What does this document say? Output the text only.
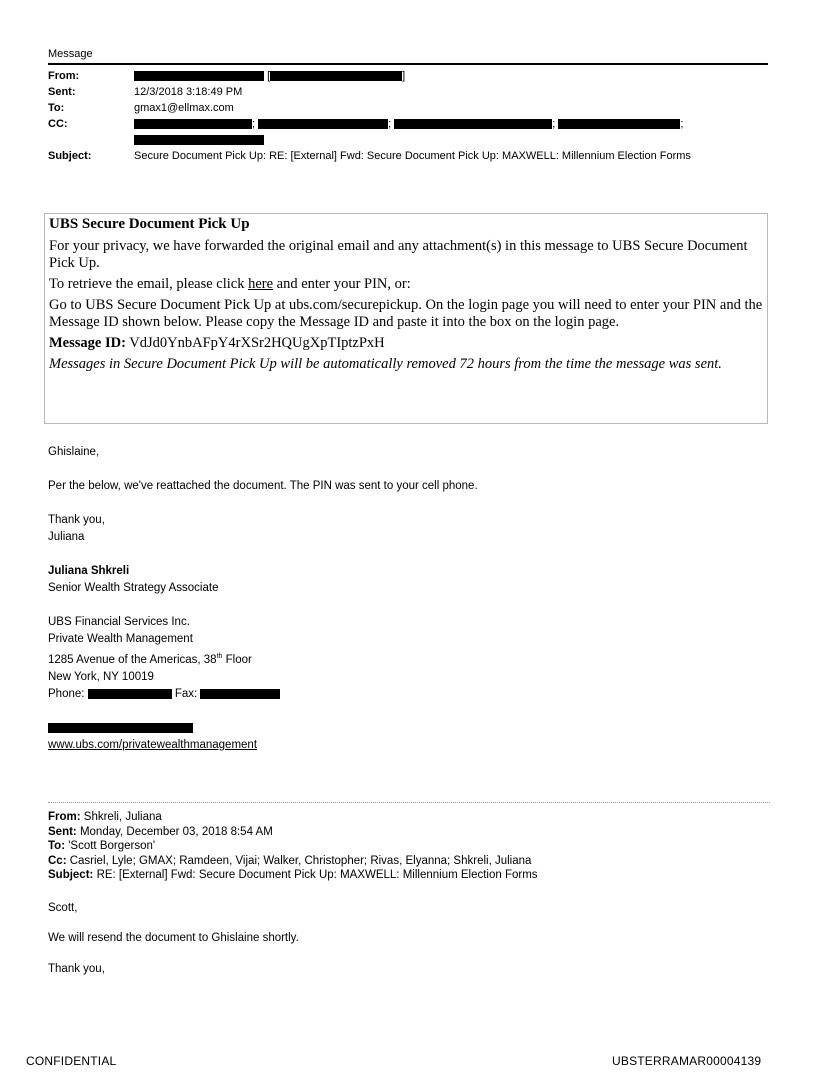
Message
From:	[	]
Sent:	12/3/2018 3:18:49 PM
To:	gmax1@ellmax.com
CC:	;	;	;	;
Subject:	Secure Document Pick Up: RE: [External] Fwd: Secure Document Pick Up: MAXWELL: Millennium Election Forms

UBS Secure Document Pick Up

For your privacy, we have forwarded the original email and any attachment(s) in this message to UBS Secure Document Pick Up.

To retrieve the email, please click here and enter your PIN, or:

Go to UBS Secure Document Pick Up at ubs.com/securepickup. On the login page you will need to enter your PIN and the Message ID shown below. Please copy the Message ID and paste it into the box on the login page.

Message ID: VdJd0YnbAFpY4rXSr2HQUgXpTIptzPxH

Messages in Secure Document Pick Up will be automatically removed 72 hours from the time the message was sent.

Ghislaine,

Per the below, we've reattached the document. The PIN was sent to your cell phone.

Thank you,

Juliana

Juliana Shkreli

Senior Wealth Strategy Associate

UBS Financial Services Inc.

Private Wealth Management

1285 Avenue of the Americas, 38th Floor

New York, NY 10019

Phone:	Fax:

www.ubs.com/privatewealthmanagement

From: Shkreli, Juliana
Sent: Monday, December 03, 2018 8:54 AM
To: 'Scott Borgerson'
Cc: Casriel, Lyle; GMAX; Ramdeen, Vijai; Walker, Christopher; Rivas, Elyanna; Shkreli, Juliana
Subject: RE: [External] Fwd: Secure Document Pick Up: MAXWELL: Millennium Election Forms
Scott,
We will resend the document to Ghislaine shortly.
Thank you,
CONFIDENTIAL	UBSTERRAMAR00004139
